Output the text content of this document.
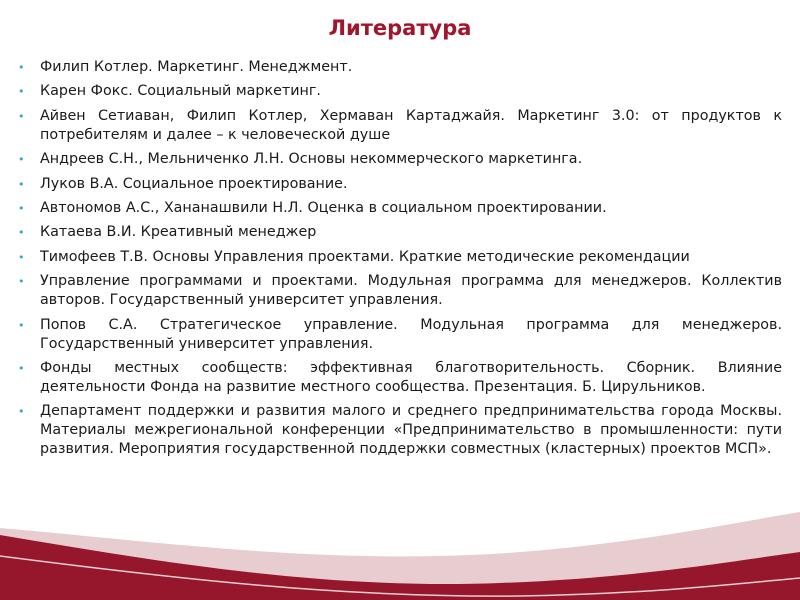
Литература
• Филип Котлер. Маркетинг. Менеджмент.
• Карен Фокс. Социальный маркетинг.
• Айвен Сетиаван, Филип Котлер, Хермаван Картаджайя. Маркетинг 3.0: от продуктов к потребителям и далее – к человеческой душе
• Андреев С.Н., Мельниченко Л.Н. Основы некоммерческого маркетинга.
• Луков В.А. Социальное проектирование.
• Автономов А.С., Хананашвили Н.Л. Оценка в социальном проектировании.
• Катаева В.И. Креативный менеджер
• Тимофеев Т.В. Основы Управления проектами. Краткие методические рекомендации
• Управление программами и проектами. Модульная программа для менеджеров. Коллектив авторов. Государственный университет управления.
• Попов С.А. Стратегическое управление. Модульная программа для менеджеров. Государственный университет управления.
• Фонды местных сообществ: эффективная благотворительность. Сборник. Влияние деятельности Фонда на развитие местного сообщества. Презентация. Б. Цирульников.
• Департамент поддержки и развития малого и среднего предпринимательства города Москвы. Материалы межрегиональной конференции «Предпринимательство в промышленности: пути развития. Мероприятия государственной поддержки совместных (кластерных) проектов МСП».
